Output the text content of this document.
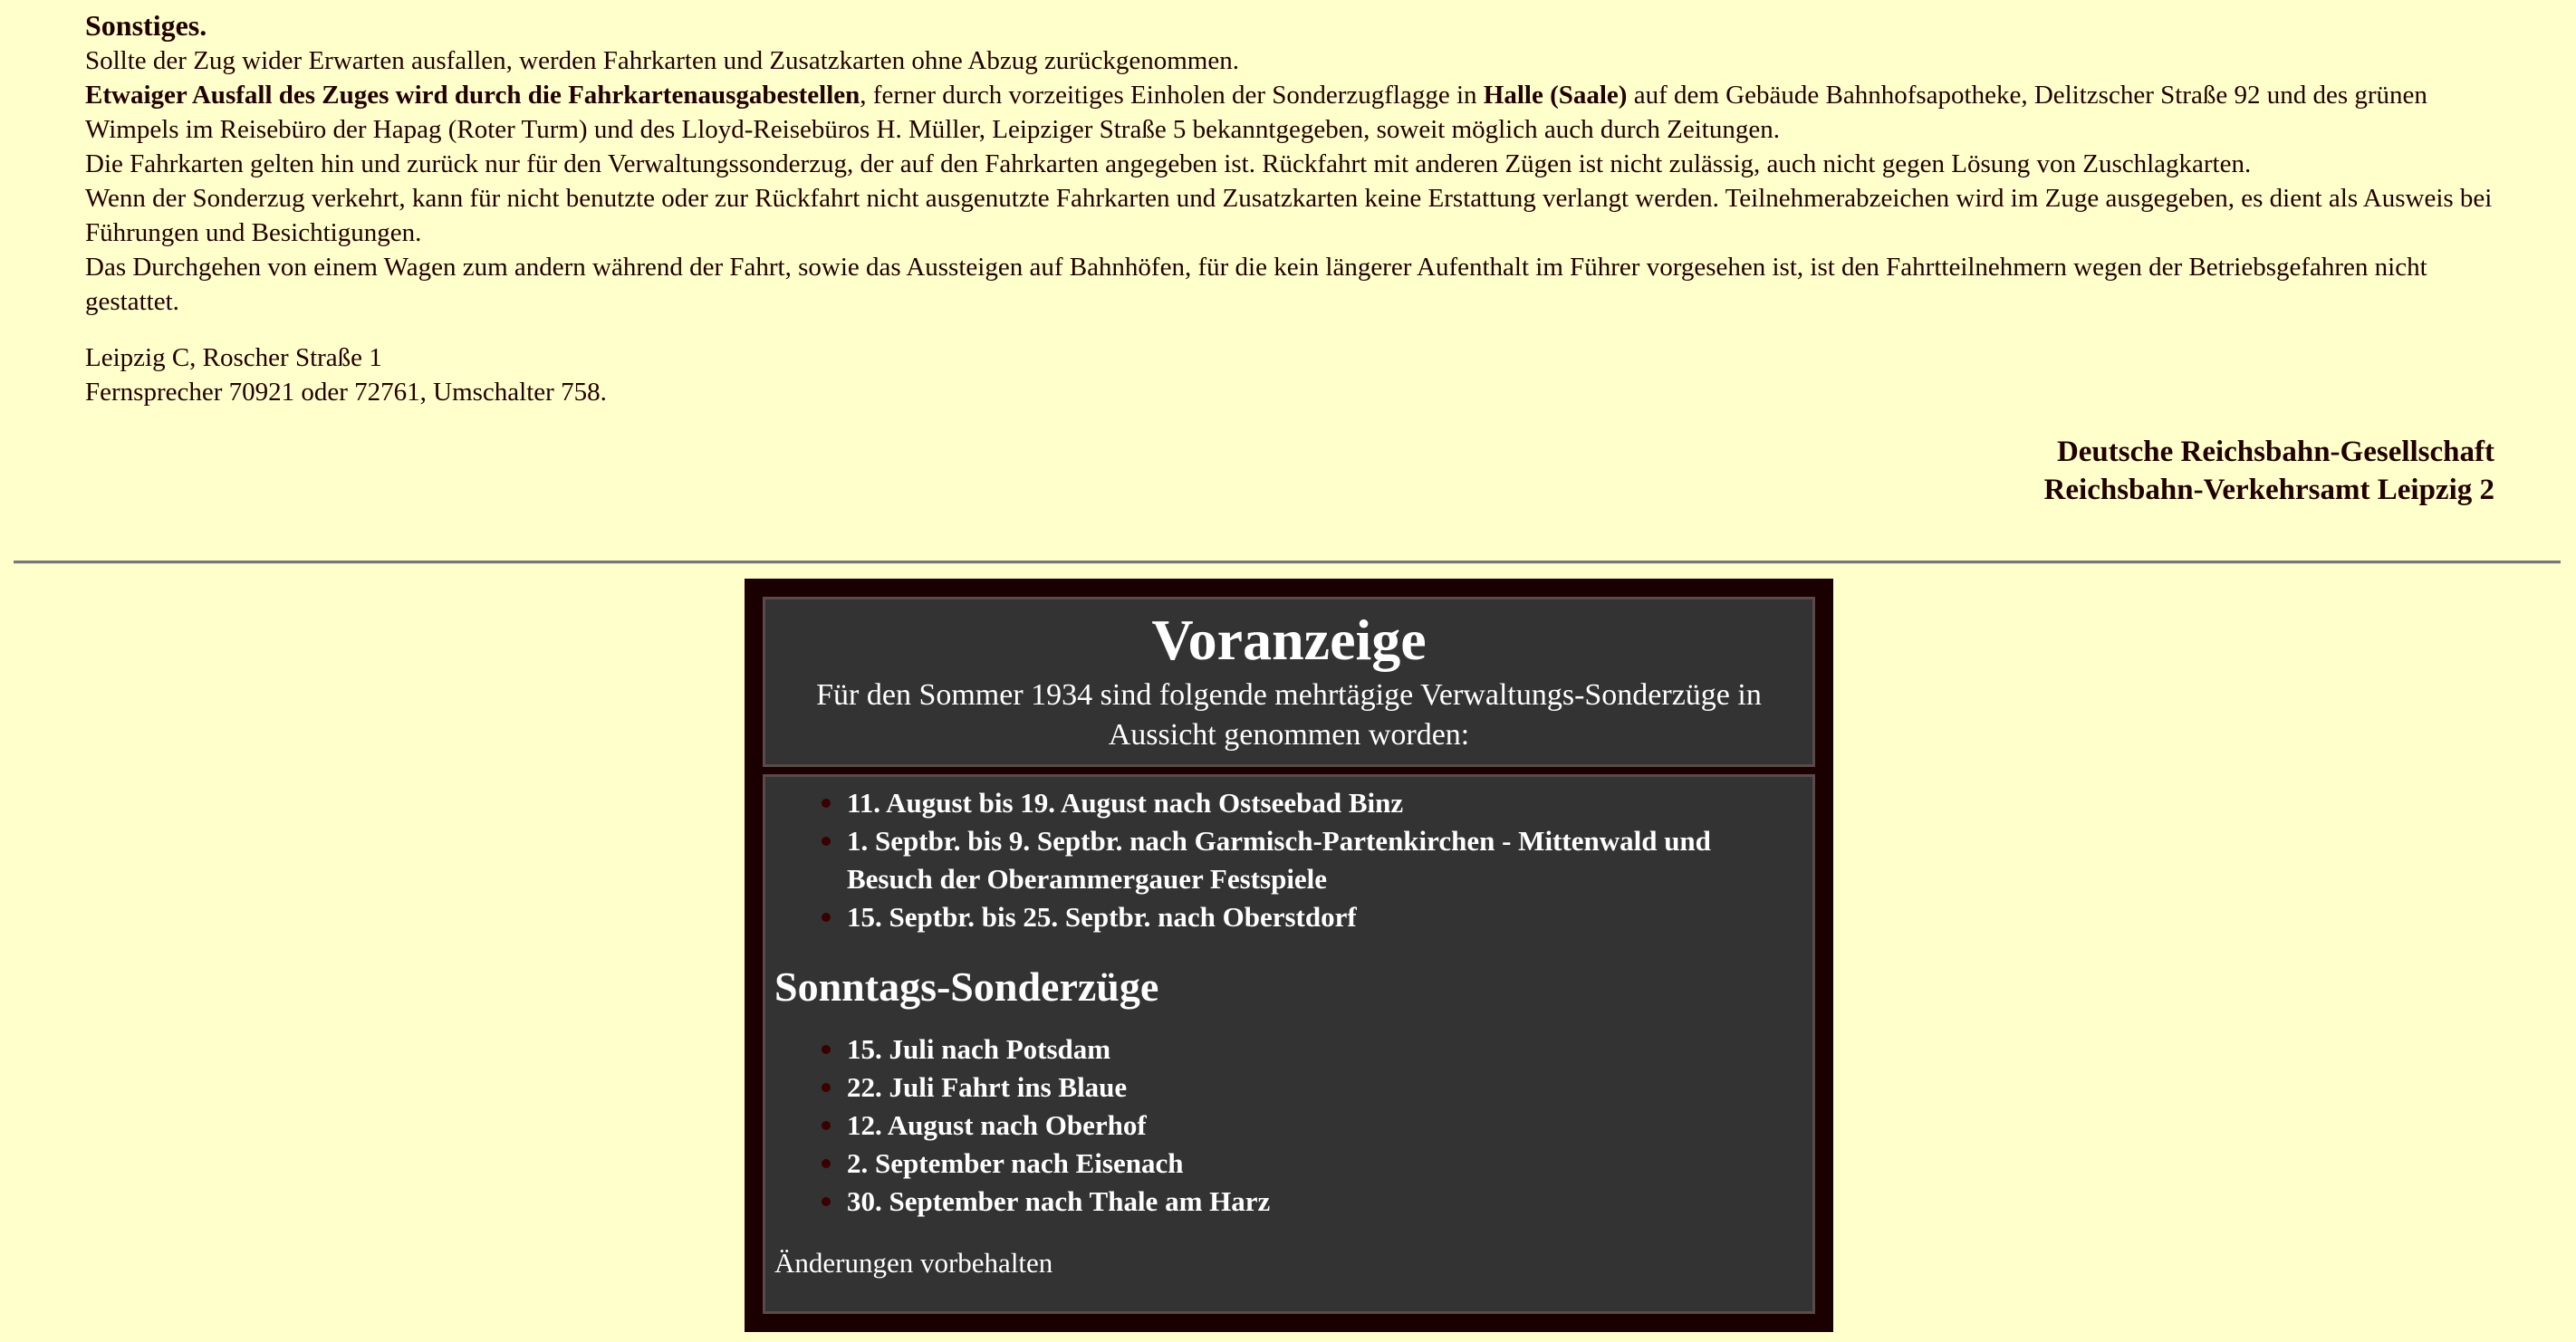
Sonstiges.

Sollte der Zug wider Erwarten ausfallen, werden Fahrkarten und Zusatzkarten ohne Abzug zurückgenommen.

Etwaiger Ausfall des Zuges wird durch die Fahrkartenausgabestellen, ferner durch vorzeitiges Einholen der Sonderzugflagge in Halle (Saale) auf dem Gebäude Bahnhofsapotheke, Delitzscher Straße 92 und des grünen Wimpels im Reisebüro der Hapag (Roter Turm) und des Lloyd-Reisebüros H. Müller, Leipziger Straße 5 bekanntgegeben, soweit möglich auch durch Zeitungen.

Die Fahrkarten gelten hin und zurück nur für den Verwaltungssonderzug, der auf den Fahrkarten angegeben ist. Rückfahrt mit anderen Zügen ist nicht zulässig, auch nicht gegen Lösung von Zuschlagkarten.

Wenn der Sonderzug verkehrt, kann für nicht benutzte oder zur Rückfahrt nicht ausgenutzte Fahrkarten und Zusatzkarten keine Erstattung verlangt werden. Teilnehmerabzeichen wird im Zuge ausgegeben, es dient als Ausweis bei Führungen und Besichtigungen.

Das Durchgehen von einem Wagen zum andern während der Fahrt, sowie das Aussteigen auf Bahnhöfen, für die kein längerer Aufenthalt im Führer vorgesehen ist, ist den Fahrtteilnehmern wegen der Betriebsgefahren nicht gestattet.

Leipzig C, Roscher Straße 1

Fernsprecher 70921 oder 72761, Umschalter 758.

Deutsche Reichsbahn-Gesellschaft
Reichsbahn-Verkehrsamt Leipzig 2
Voranzeige

Für den Sommer 1934 sind folgende mehrtägige Verwaltungs-Sonderzüge in Aussicht genommen worden:

11. August bis 19. August nach Ostseebad Binz
1. Septbr. bis 9. Septbr. nach Garmisch-Partenkirchen - Mittenwald und Besuch der Oberammergauer Festspiele
15. Septbr. bis 25. Septbr. nach Oberstdorf
Sonntags-Sonderzüge
15. Juli nach Potsdam
22. Juli Fahrt ins Blaue
12. August nach Oberhof
2. September nach Eisenach
30. September nach Thale am Harz

Änderungen vorbehalten
